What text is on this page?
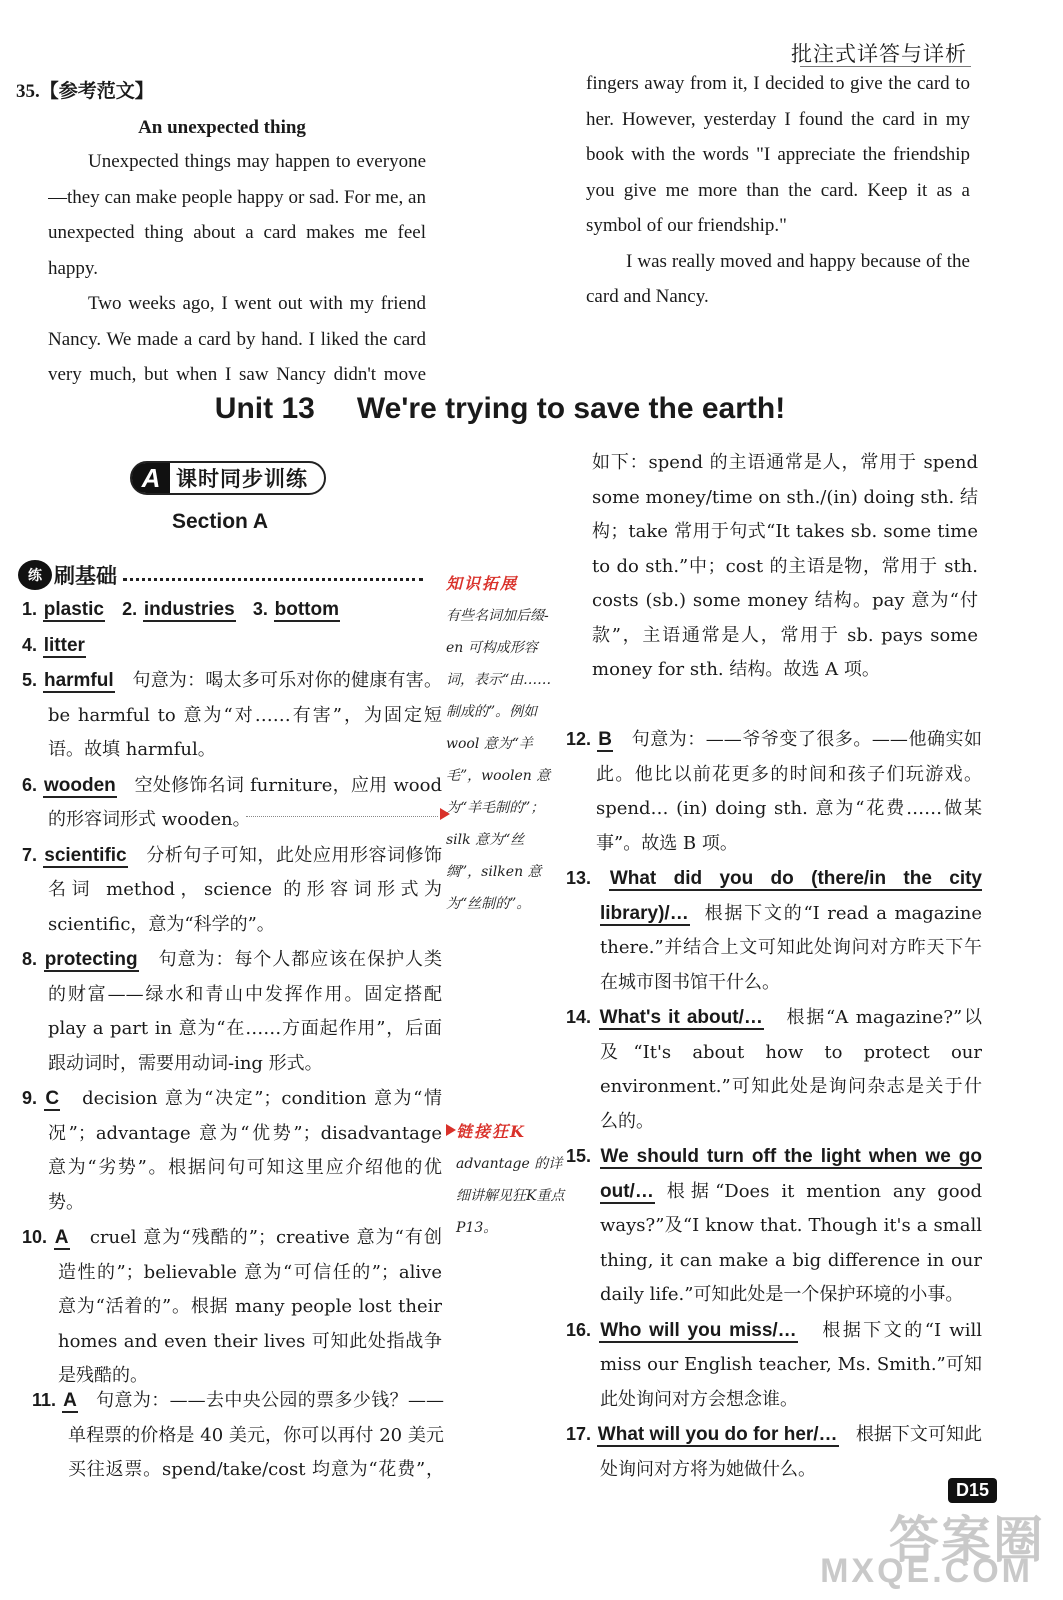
批注式详答与详析

35.【参考范文】

An unexpected thing

Unexpected things may happen to everyone—they can make people happy or sad. For me, an unexpected thing about a card makes me feel happy.

Two weeks ago, I went out with my friend Nancy. We made a card by hand. I liked the card very much, but when I saw Nancy didn't move

fingers away from it, I decided to give the card to her. However, yesterday I found the card in my book with the words "I appreciate the friendship you give me more than the card. Keep it as a symbol of our friendship."

I was really moved and happy because of the card and Nancy.

Unit 13 We're trying to save the earth!
A 课时同步训练
Section A
练 刷基础
1. plastic 2. industries 3. bottom
4. litter
5. harmful 句意为：喝太多可乐对你的健康有害。be harmful to 意为“对……有害”，为固定短语。故填 harmful。
6. wooden 空处修饰名词 furniture，应用 wood 的形容词形式 wooden。
7. scientific 分析句子可知，此处应用形容词修饰名词 method，science 的形容词形式为 scientific，意为“科学的”。
8. protecting 句意为：每个人都应该在保护人类的财富——绿水和青山中发挥作用。固定搭配 play a part in 意为“在……方面起作用”，后面跟动词时，需要用动词-ing 形式。
9. C decision 意为“决定”；condition 意为“情况”；advantage 意为“优势”；disadvantage 意为“劣势”。根据问句可知这里应介绍他的优势。
10. A cruel 意为“残酷的”；creative 意为“有创造性的”；believable 意为“可信任的”；alive 意为“活着的”。根据 many people lost their homes and even their lives 可知此处指战争是残酷的。
11. A 句意为：——去中央公园的票多少钱？——单程票的价格是 40 美元，你可以再付 20 美元买往返票。spend/take/cost 均意为“花费”，
如下：spend 的主语通常是人，常用于 spend some money/time on sth./(in) doing sth. 结构；take 常用于句式“It takes sb. some time to do sth.”中；cost 的主语是物，常用于 sth. costs (sb.) some money 结构。pay 意为“付款”，主语通常是人，常用于 sb. pays some money for sth. 结构。故选 A 项。
知识拓展
有些名词加后缀-en 可构成形容词，表示“由……制成的”。例如 wool 意为“羊毛”，woolen 意为“羊毛制的”；silk 意为“丝绸”，silken 意为“丝制的”。
链接狂K
advantage 的详细讲解见狂K重点 P13。
12. B 句意为：——爷爷变了很多。——他确实如此。他比以前花更多的时间和孩子们玩游戏。spend… (in) doing sth. 意为“花费……做某事”。故选 B 项。
13. What did you do (there/in the city library)/… 根据下文的“I read a magazine there.”并结合上文可知此处询问对方昨天下午在城市图书馆干什么。
14. What's it about/… 根据“A magazine?”以及“It's about how to protect our environment.”可知此处是询问杂志是关于什么的。
15. We should turn off the light when we go out/… 根据“Does it mention any good ways?”及“I know that. Though it's a small thing, it can make a big difference in our daily life.”可知此处是一个保护环境的小事。
16. Who will you miss/… 根据下文的“I will miss our English teacher, Ms. Smith.”可知此处询问对方会想念谁。
17. What will you do for her/… 根据下文可知此处询问对方将为她做什么。
D15
答案圈
MXQE.COM
